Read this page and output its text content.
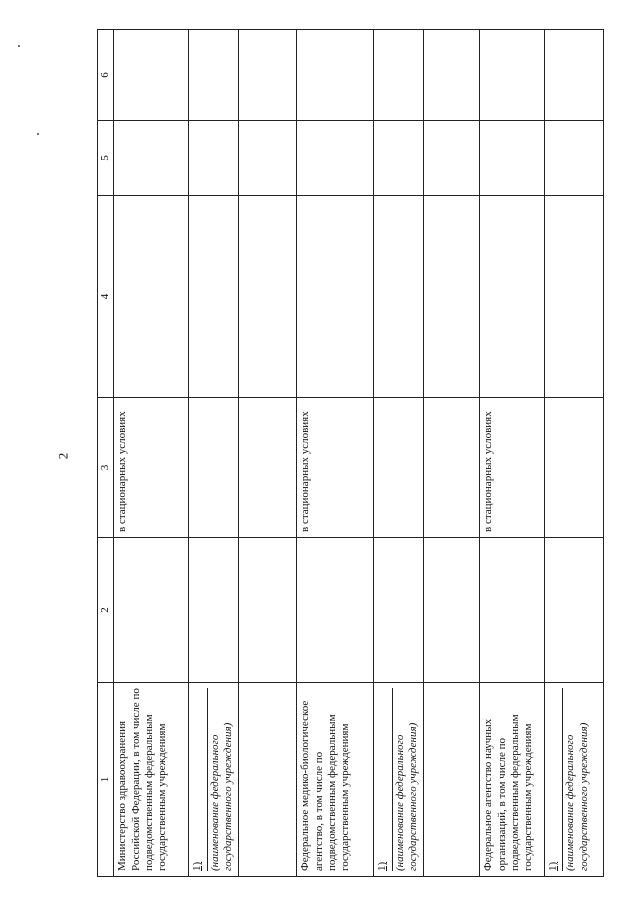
2
1	2	3	4	5	6
Министерство здравоохранения Российской Федерации, в том числе по подведомственным федеральным государственным учреждениям		в стационарных условиях			

1) (наименование федерального государственного учреждения)					

Федеральное медико-биологическое агентство, в том числе по подведомственным федеральным государственным учреждениям		в стационарных условиях			

1) (наименование федерального государственного учреждения)					

Федеральное агентство научных организаций, в том числе по подведомственным федеральным государственным учреждениям		в стационарных условиях			

1) (наименование федерального государственного учреждения)					
